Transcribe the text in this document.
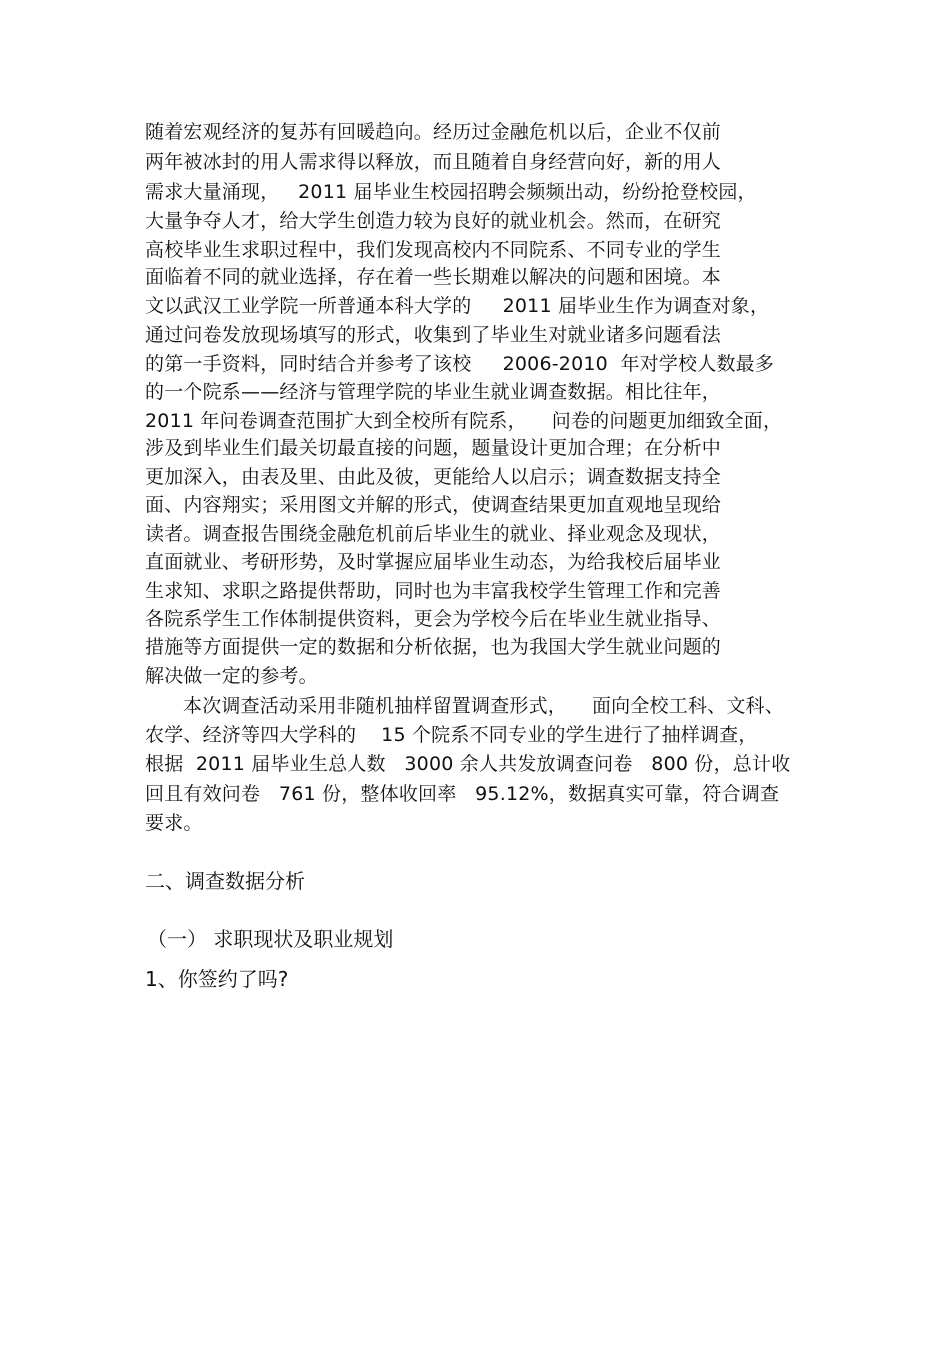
随着宏观经济的复苏有回暖趋向。经历过金融危机以后，企业不仅前
两年被冰封的用人需求得以释放，而且随着自身经营向好，新的用人
需求大量涌现，   2011 届毕业生校园招聘会频频出动，纷纷抢登校园，
大量争夺人才，给大学生创造力较为良好的就业机会。然而，在研究
高校毕业生求职过程中，我们发现高校内不同院系、不同专业的学生
面临着不同的就业选择，存在着一些长期难以解决的问题和困境。本
文以武汉工业学院一所普通本科大学的     2011 届毕业生作为调查对象，
通过问卷发放现场填写的形式，收集到了毕业生对就业诸多问题看法
的第一手资料，同时结合并参考了该校     2006-2010  年对学校人数最多
的一个院系——经济与管理学院的毕业生就业调查数据。相比往年，
2011 年问卷调查范围扩大到全校所有院系，    问卷的问题更加细致全面，
涉及到毕业生们最关切最直接的问题，题量设计更加合理；在分析中
更加深入，由表及里、由此及彼，更能给人以启示；调查数据支持全
面、内容翔实；采用图文并解的形式，使调查结果更加直观地呈现给
读者。调查报告围绕金融危机前后毕业生的就业、择业观念及现状，
直面就业、考研形势，及时掌握应届毕业生动态，为给我校后届毕业
生求知、求职之路提供帮助，同时也为丰富我校学生管理工作和完善
各院系学生工作体制提供资料，更会为学校今后在毕业生就业指导、
措施等方面提供一定的数据和分析依据，也为我国大学生就业问题的
解决做一定的参考。
本次调查活动采用非随机抽样留置调查形式，    面向全校工科、文科、
农学、经济等四大学科的    15 个院系不同专业的学生进行了抽样调查，
根据  2011 届毕业生总人数   3000 余人共发放调查问卷   800 份，总计收
回且有效问卷   761 份，整体收回率   95.12%，数据真实可靠，符合调查
要求。
二、调查数据分析
（一） 求职现状及职业规划
1、你签约了吗?
